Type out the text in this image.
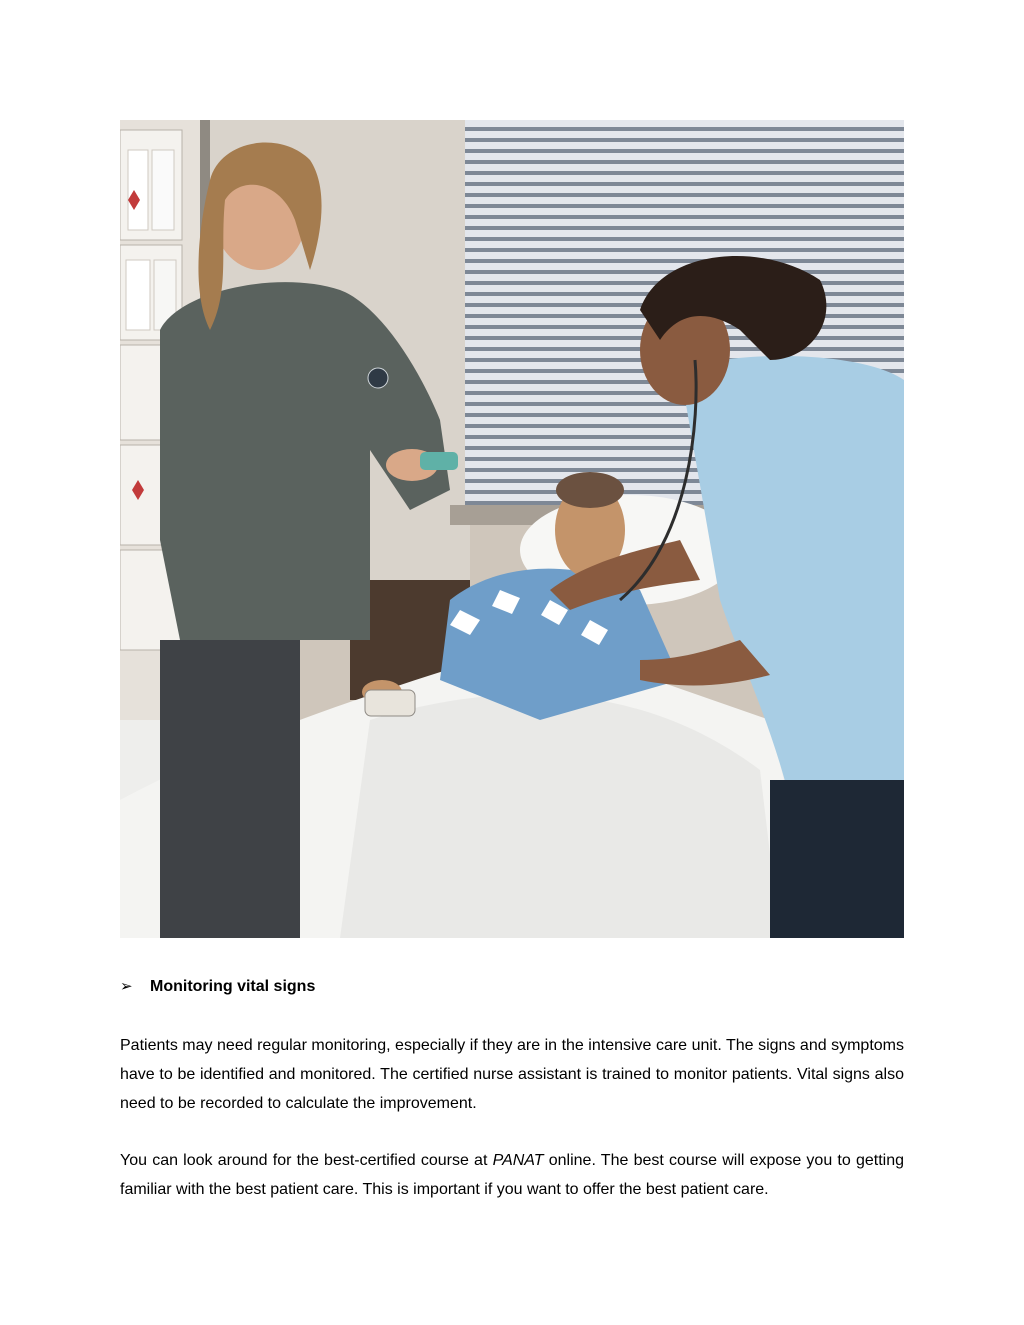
➢	Monitoring vital signs

Patients may need regular monitoring, especially if they are in the intensive care unit. The signs and symptoms have to be identified and monitored. The certified nurse assistant is trained to monitor patients. Vital signs also need to be recorded to calculate the improvement.

You can look around for the best-certified course at PANAT online. The best course will expose you to getting familiar with the best patient care. This is important if you want to offer the best patient care.
